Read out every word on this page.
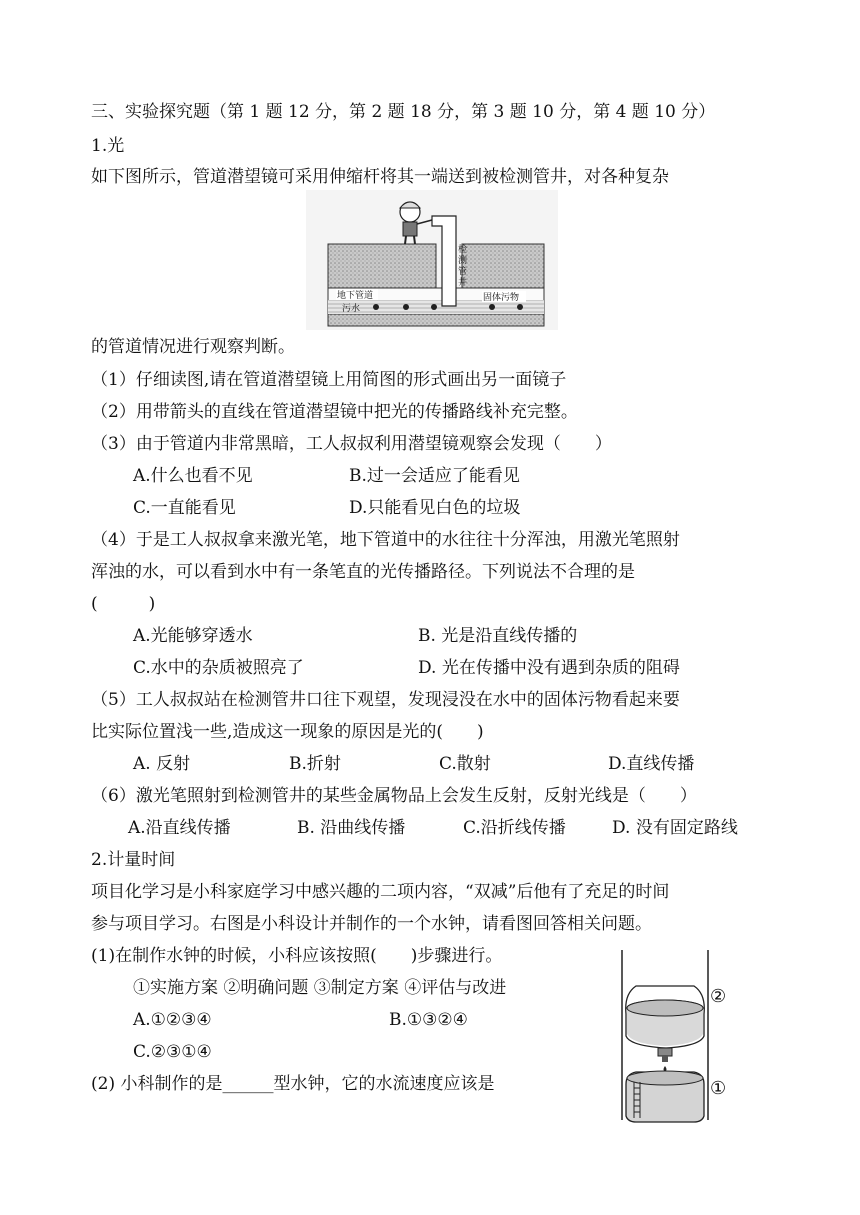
三、实验探究题（第 1 题 12 分，第 2 题 18 分，第 3 题 10 分，第 4 题 10 分）
1.光
如下图所示，管道潜望镜可采用伸缩杆将其一端送到被检测管井，对各种复杂
检
测
管
井
地下管道
污水
固体污物
的管道情况进行观察判断。
（1）仔细读图,请在管道潜望镜上用简图的形式画出另一面镜子
（2）用带箭头的直线在管道潜望镜中把光的传播路线补充完整。
（3）由于管道内非常黑暗，工人叔叔利用潜望镜观察会发现（　　）
A.什么也看不见	B.过一会适应了能看见
C.一直能看见	D.只能看见白色的垃圾
（4）于是工人叔叔拿来激光笔，地下管道中的水往往十分浑浊，用激光笔照射
浑浊的水，可以看到水中有一条笔直的光传播路径。下列说法不合理的是
(　　　)
A.光能够穿透水	B. 光是沿直线传播的
C.水中的杂质被照亮了	D. 光在传播中没有遇到杂质的阻碍
（5）工人叔叔站在检测管井口往下观望，发现浸没在水中的固体污物看起来要
比实际位置浅一些,造成这一现象的原因是光的(　　)
A. 反射	B.折射	C.散射	D.直线传播
（6）激光笔照射到检测管井的某些金属物品上会发生反射，反射光线是（　　）
A.沿直线传播	B. 沿曲线传播	C.沿折线传播	D. 没有固定路线
2.计量时间
项目化学习是小科家庭学习中感兴趣的二项内容，“双减”后他有了充足的时间
参与项目学习。右图是小科设计并制作的一个水钟，请看图回答相关问题。
(1)在制作水钟的时候，小科应该按照(　　)步骤进行。
①实施方案 ②明确问题 ③制定方案 ④评估与改进
A.①②③④	B.①③②④
C.②③①④
(2) 小科制作的是______型水钟，它的水流速度应该是
②
①
